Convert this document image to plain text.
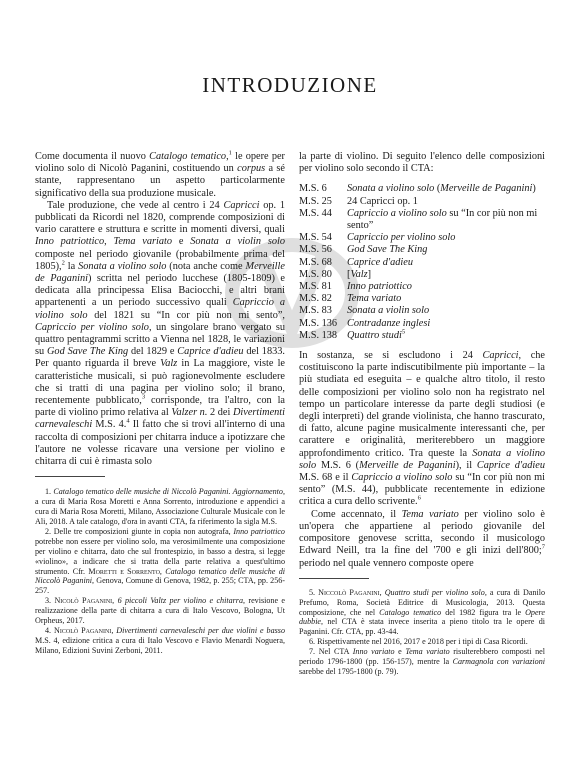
INTRODUZIONE

Come documenta il nuovo Catalogo tematico,$^1$ le opere per violino solo di Nicolò Paganini, costituendo un corpus a sé stante, rappresentano un aspetto particolarmente significativo della sua produzione musicale.

Tale produzione, che vede al centro i 24 Capricci op. 1 pubblicati da Ricordi nel 1820, comprende composizioni di vario carattere e struttura e scritte in momenti diversi, quali Inno patriottico, Tema variato e Sonata a violin solo composte nel periodo giovanile (probabilmente prima del 1805),$^2$ la Sonata a violino solo (nota anche come Merveille de Paganini) scritta nel periodo lucchese (1805-1809) e dedicata alla principessa Elisa Baciocchi, e altri brani appartenenti a un periodo successivo quali Capriccio a violino solo del 1821 su “In cor più non mi sento”, Capriccio per violino solo, un singolare brano vergato su quattro pentagrammi scritto a Vienna nel 1828, le variazioni su God Save The King del 1829 e Caprice d'adieu del 1833. Per quanto riguarda il breve Valz in La maggiore, viste le caratteristiche musicali, si può ragionevolmente escludere che si tratti di una pagina per violino solo; il brano, recentemente pubblicato,$^3$ corrisponde, tra l'altro, con la parte di violino primo relativa al Valzer n. 2 dei Divertimenti carnevaleschi M.S. 4.$^4$ Il fatto che si trovi all'interno di una raccolta di composizioni per chitarra induce a ipotizzare che l'autore ne volesse ricavare una versione per violino e chitarra di cui è rimasta solo

1. Catalogo tematico delle musiche di Niccolò Paganini. Aggiornamento, a cura di Maria Rosa Moretti e Anna Sorrento, introduzione e appendici a cura di Maria Rosa Moretti, Milano, Associazione Culturale Musicale con le Ali, 2018. A tale catalogo, d'ora in avanti CTA, fa riferimento la sigla M.S.

2. Delle tre composizioni giunte in copia non autografa, Inno patriottico potrebbe non essere per violino solo, ma verosimilmente una composizione per violino e chitarra, dato che sul frontespizio, in basso a destra, si legge «violino», a indicare che si tratta della parte relativa a quest'ultimo strumento. Cfr. Moretti e Sorrento, Catalogo tematico delle musiche di Niccolò Paganini, Genova, Comune di Genova, 1982, p. 255; CTA, pp. 256-257.

3. Nicolò Paganini, 6 piccoli Valtz per violino e chitarra, revisione e realizzazione della parte di chitarra a cura di Italo Vescovo, Bologna, Ut Orpheus, 2017.

4. Nicolò Paganini, Divertimenti carnevaleschi per due violini e basso M.S. 4, edizione critica a cura di Italo Vescovo e Flavio Menardi Noguera, Milano, Edizioni Suvini Zerboni, 2011.

la parte di violino. Di seguito l'elenco delle composizioni per violino solo secondo il CTA:

M.S. 6	Sonata a violino solo (Merveille de Paganini)
M.S. 25	24 Capricci op. 1
M.S. 44	Capriccio a violino solo su “In cor più non mi sento”
M.S. 54	Capriccio per violino solo
M.S. 56	God Save The King
M.S. 68	Caprice d'adieu
M.S. 80	[Valz]
M.S. 81	Inno patriottico
M.S. 82	Tema variato
M.S. 83	Sonata a violin solo
M.S. 136 Contradanze inglesi
M.S. 138 Quattro studi$^5$

In sostanza, se si escludono i 24 Capricci, che costituiscono la parte indiscutibilmente più importante – la più studiata ed eseguita – e qualche altro titolo, il resto delle composizioni per violino solo non ha registrato nel tempo un particolare interesse da parte degli studiosi (e degli interpreti) del grande violinista, che hanno trascurato, di fatto, alcune pagine musicalmente interessanti che, per carattere e originalità, meriterebbero un maggiore approfondimento critico. Tra queste la Sonata a violino solo M.S. 6 (Merveille de Paganini), il Caprice d'adieu M.S. 68 e il Capriccio a violino solo su “In cor più non mi sento” (M.S. 44), pubblicate recentemente in edizione critica a cura dello scrivente.$^6$

Come accennato, il Tema variato per violino solo è un'opera che appartiene al periodo giovanile del compositore genovese scritta, secondo il musicologo Edward Neill, tra la fine del '700 e gli inizi dell'800;$^7$ periodo nel quale vennero composte opere

5. Niccolò Paganini, Quattro studi per violino solo, a cura di Danilo Prefumo, Roma, Società Editrice di Musicologia, 2013. Questa composizione, che nel Catalogo tematico del 1982 figura tra le Opere dubbie, nel CTA è stata invece inserita a pieno titolo tra le opere di Paganini. Cfr. CTA, pp. 43-44.

6. Rispettivamente nel 2016, 2017 e 2018 per i tipi di Casa Ricordi.

7. Nel CTA Inno variato e Tema variato risulterebbero composti nel periodo 1796-1800 (pp. 156-157), mentre la Carmagnola con variazioni sarebbe del 1795-1800 (p. 79).
